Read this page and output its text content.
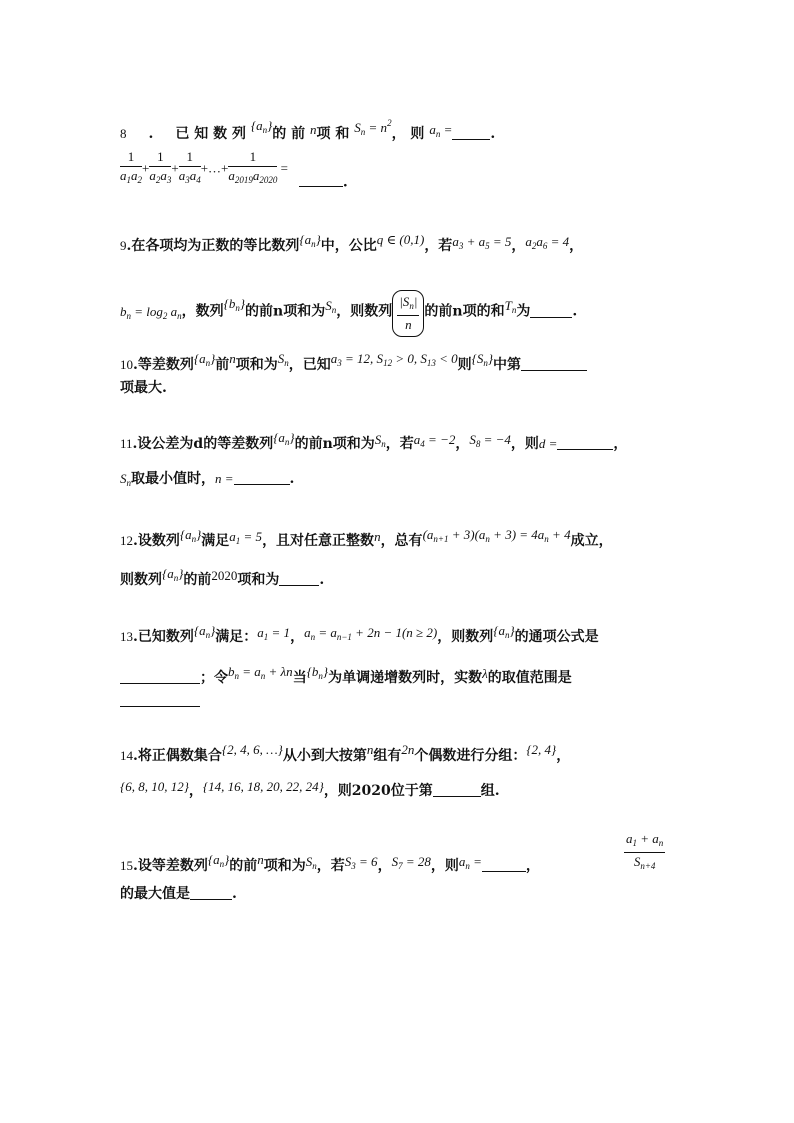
8 . 已 知 数 列 $\{a_n\}$的 前 n项 和 $S_n = n^2$， 则 $a_n$ =	.
$\frac{1}{a_1a_2} + \frac{1}{a_2a_3} + \frac{1}{a_3a_4}$ +…+ $\frac{1}{a_{2019}a_{2020}}$ = .
9.在各项均为正数的等比数列$\{a_n\}$中，公比q ∈ (0,1)，若$a_3 + a_5 = 5$，$a_2a_6 = 4$，
$b_n = \log_2 a_n$，数列$\{b_n\}$的前n项和为$S_n$，则数列 $\frac{|S_n|}{n}$ 的前n项的和$T_n$为	.
10.等差数列$\{a_n\}$前n项和为$S_n$，已知$a_3 = 12$, $S_{12} > 0$, $S_{13} < 0$则$\{S_n\}$中第
项最大.
11.设公差为d的等差数列$\{a_n\}$的前n项和为$S_n$，若$a_4 = -2$，$S_8 = -4$，则d =	，
$S_n$取最小值时，n =	.
12.设数列$\{a_n\}$满足$a_1 = 5$，且对任意正整数n，总有$(a_{n+1} + 3)(a_n + 3) = 4a_n + 4$成立，
则数列$\{a_n\}$的前2020项和为	.
13.已知数列$\{a_n\}$满足：$a_1 = 1$，$a_n = a_{n-1} + 2n - 1(n \ge 2)$，则数列$\{a_n\}$的通项公式是
；令$b_n = a_n + \lambda n$当$\{b_n\}$为单调递增数列时，实数λ的取值范围是
14.将正偶数集合{2, 4, 6, …}从小到大按第n组有2n个偶数进行分组：{2, 4}，
{6, 8, 10, 12}，{14, 16, 18, 20, 22, 24}，则2020位于第	组.
15.设等差数列$\{a_n\}$的前n项和为$S_n$，若$S_3 = 6$，$S_7 = 28$，则$a_n$ =	，	$\frac{a_1 + a_n}{S_{n+4}}$
的最大值是	.
